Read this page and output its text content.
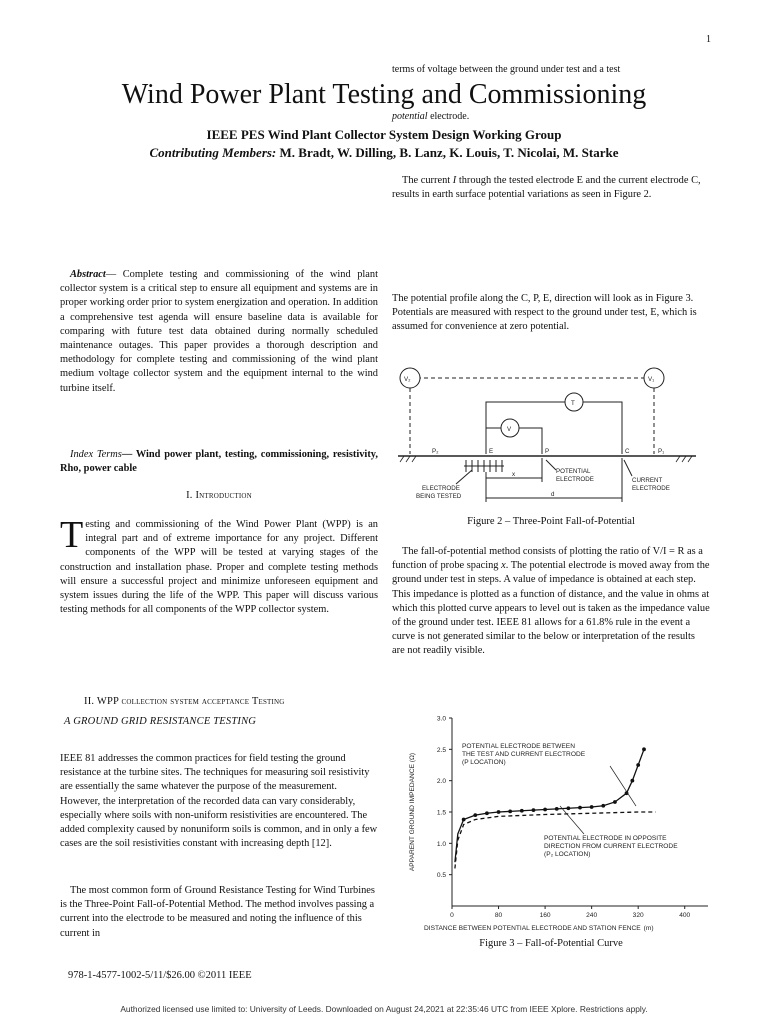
1
terms of voltage between the ground under test and a test
Wind Power Plant Testing and Commissioning
potential electrode.
IEEE PES Wind Plant Collector System Design Working Group
Contributing Members: M. Bradt, W. Dilling, B. Lanz, K. Louis, T. Nicolai, M. Starke
Abstract— Complete testing and commissioning of the wind plant collector system is a critical step to ensure all equipment and systems are in proper working order prior to system energization and operation. In addition a comprehensive test agenda will ensure baseline data is available for comparing with future test data obtained during normally scheduled maintenance outages. This paper provides a thorough description and methodology for complete testing and commissioning of the wind plant medium voltage collector system and the equipment internal to the wind turbine itself.
Index Terms— Wind power plant, testing, commissioning, resistivity, Rho, power cable
I. Introduction
Testing and commissioning of the Wind Power Plant (WPP) is an integral part and of extreme importance for any project. Different components of the WPP will be tested at varying stages of the construction and installation phase. Proper and complete testing methods will ensure a successful project and minimize unforeseen equipment and system issues during the life of the WPP. This paper will discuss various testing methods for all components of the WPP collector system.
II. WPP collection system acceptance Testing
A GROUND GRID RESISTANCE TESTING
IEEE 81 addresses the common practices for field testing the ground resistance at the turbine sites. The techniques for measuring soil resistivity are essentially the same whatever the purpose of the measurement. However, the interpretation of the recorded data can vary considerably, especially where soils with non-uniform resistivities are encountered. The added complexity caused by nonuniform soils is common, and in only a few cases are the soil resistivities constant with increasing depth [12].
The most common form of Ground Resistance Testing for Wind Turbines is the Three-Point Fall-of-Potential Method. The method involves passing a current into the electrode to be measured and noting the influence of this current in
The current I through the tested electrode E and the current electrode C, results in earth surface potential variations as seen in Figure 2.
The potential profile along the C, P, E, direction will look as in Figure 3. Potentials are measured with respect to the ground under test, E, which is assumed for convenience at zero potential.
V₂	V₁
T
V
P₂	E	P	C	P₁
x
d
ELECTRODE
BEING TESTED
POTENTIAL
ELECTRODE	CURRENT
ELECTRODE
Figure 2 – Three-Point Fall-of-Potential
The fall-of-potential method consists of plotting the ratio of V/I = R as a function of probe spacing x. The potential electrode is moved away from the ground under test in steps. A value of impedance is obtained at each step. This impedance is plotted as a function of distance, and the value in ohms at which this plotted curve appears to level out is taken as the impedance value of the ground under test. IEEE 81 allows for a 61.8% rule in the event a curve is not generated similar to the below or interpretation of the results are not readily visible.
0	80	160	240	320	400
0.5
1.0
1.5
2.0
2.5
3.0
APPARENT GROUND IMPEDANCE (Ω)
POTENTIAL ELECTRODE BETWEEN
THE TEST AND CURRENT ELECTRODE
(P LOCATION)
POTENTIAL ELECTRODE IN OPPOSITE
DIRECTION FROM CURRENT ELECTRODE
(P₂ LOCATION)
DISTANCE BETWEEN POTENTIAL ELECTRODE AND STATION FENCE (m)
Figure 3 – Fall-of-Potential Curve
978-1-4577-1002-5/11/$26.00 ©2011 IEEE
Authorized licensed use limited to: University of Leeds. Downloaded on August 24,2021 at 22:35:46 UTC from IEEE Xplore. Restrictions apply.
